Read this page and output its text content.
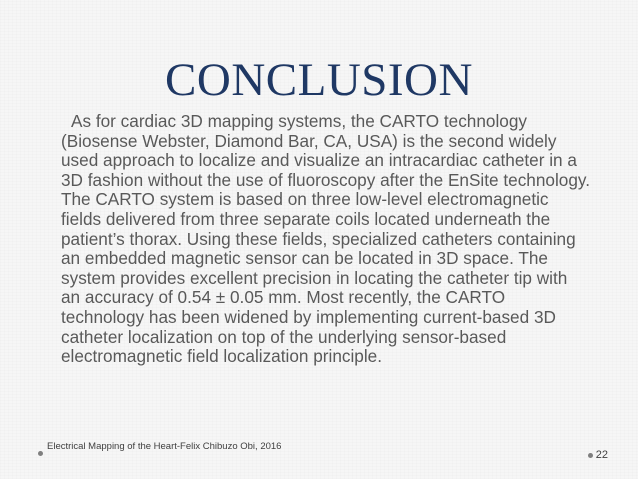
CONCLUSION

As for cardiac 3D mapping systems, the CARTO technology (Biosense Webster, Diamond Bar, CA, USA) is the second widely used approach to localize and visualize an intracardiac catheter in a 3D fashion without the use of fluoroscopy after the EnSite technology. The CARTO system is based on three low-level electromagnetic fields delivered from three separate coils located underneath the patient’s thorax. Using these fields, specialized catheters containing an embedded magnetic sensor can be located in 3D space. The system provides excellent precision in locating the catheter tip with an accuracy of 0.54 ± 0.05 mm. Most recently, the CARTO technology has been widened by implementing current-based 3D catheter localization on top of the underlying sensor-based electromagnetic field localization principle.

Electrical Mapping of the Heart-Felix Chibuzo Obi, 2016
22
